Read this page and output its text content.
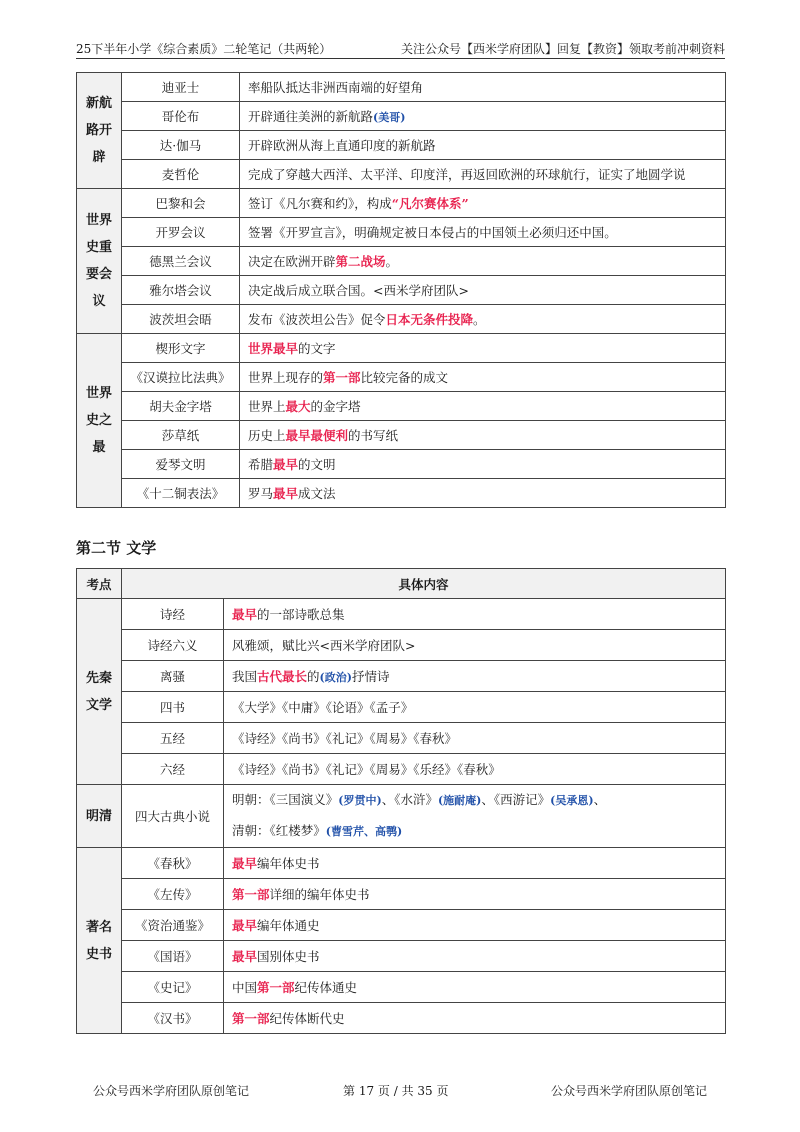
25下半年小学《综合素质》二轮笔记（共两轮）	关注公众号【西米学府团队】回复【教资】领取考前冲刺资料
新航路开辟	迪亚士	率船队抵达非洲西南端的好望角
	哥伦布	开辟通往美洲的新航路(美哥)
	达·伽马	开辟欧洲从海上直通印度的新航路
	麦哲伦	完成了穿越大西洋、太平洋、印度洋，再返回欧洲的环球航行，证实了地圆学说
世界史重要会议	巴黎和会	签订《凡尔赛和约》，构成“凡尔赛体系”
	开罗会议	签署《开罗宣言》，明确规定被日本侵占的中国领土必须归还中国。
	德黑兰会议	决定在欧洲开辟第二战场。
	雅尔塔会议	决定战后成立联合国。<西米学府团队>
	波茨坦会晤	发布《波茨坦公告》促令日本无条件投降。
世界史之最	楔形文字	世界最早的文字
	《汉谟拉比法典》	世界上现存的第一部比较完备的成文
	胡夫金字塔	世界上最大的金字塔
	莎草纸	历史上最早最便利的书写纸
	爱琴文明	希腊最早的文明
	《十二铜表法》	罗马最早成文法
第二节 文学
考点	具体内容	
先秦文学	诗经	最早的一部诗歌总集
	诗经六义	风雅颂，赋比兴<西米学府团队>
	离骚	我国古代最长的(政治)抒情诗
	四书	《大学》《中庸》《论语》《孟子》
	五经	《诗经》《尚书》《礼记》《周易》《春秋》
	六经	《诗经》《尚书》《礼记》《周易》《乐经》《春秋》
明清	四大古典小说	明朝：《三国演义》(罗贯中)、《水浒》(施耐庵)、《西游记》(吴承恩)、
清朝：《红楼梦》(曹雪芹、高鹗)
著名史书	《春秋》	最早编年体史书
	《左传》	第一部详细的编年体史书
	《资治通鉴》	最早编年体通史
	《国语》	最早国别体史书
	《史记》	中国第一部纪传体通史
	《汉书》	第一部纪传体断代史
公众号西米学府团队原创笔记	第 17 页 / 共 35 页	公众号西米学府团队原创笔记
